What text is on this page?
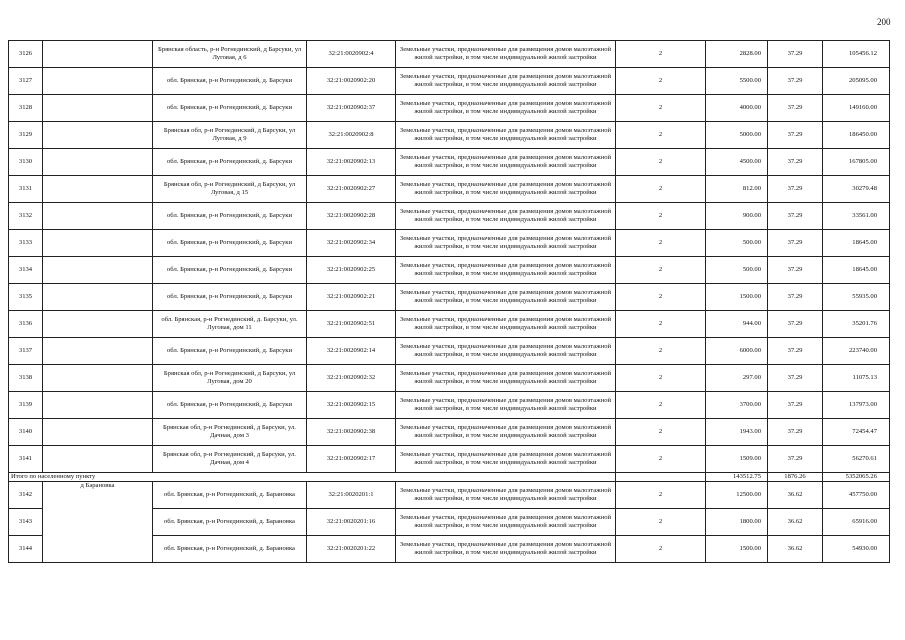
200
3126		Брянская область, р-н Рогнединский, д Барсуки, ул Луговая, д 6	32:21:0020902:4	Земельные участки, предназначенные для размещения домов малоэтажной жилой застройки, в том числе индивидуальной жилой застройки	2	2828.00	37.29	105456.12
3127		обл. Брянская, р-н Рогнединский, д. Барсуки	32:21:0020902:20	Земельные участки, предназначенные для размещения домов малоэтажной жилой застройки, в том числе индивидуальной жилой застройки	2	5500.00	37.29	205095.00
3128		обл. Брянская, р-н Рогнединский, д. Барсуки	32:21:0020902:37	Земельные участки, предназначенные для размещения домов малоэтажной жилой застройки, в том числе индивидуальной жилой застройки	2	4000.00	37.29	149160.00
3129		Брянская обл, р-н Рогнединский, д Барсуки, ул Луговая, д 9	32:21:0020902:8	Земельные участки, предназначенные для размещения домов малоэтажной жилой застройки, в том числе индивидуальной жилой застройки	2	5000.00	37.29	186450.00
3130		обл. Брянская, р-н Рогнединский, д. Барсуки	32:21:0020902:13	Земельные участки, предназначенные для размещения домов малоэтажной жилой застройки, в том числе индивидуальной жилой застройки	2	4500.00	37.29	167805.00
3131		Брянская обл, р-н Рогнединский, д Барсуки, ул Луговая, д 15	32:21:0020902:27	Земельные участки, предназначенные для размещения домов малоэтажной жилой застройки, в том числе индивидуальной жилой застройки	2	812.00	37.29	30279.48
3132		обл. Брянская, р-н Рогнединский, д. Барсуки	32:21:0020902:28	Земельные участки, предназначенные для размещения домов малоэтажной жилой застройки, в том числе индивидуальной жилой застройки	2	900.00	37.29	33561.00
3133		обл. Брянская, р-н Рогнединский, д. Барсуки	32:21:0020902:34	Земельные участки, предназначенные для размещения домов малоэтажной жилой застройки, в том числе индивидуальной жилой застройки	2	500.00	37.29	18645.00
3134		обл. Брянская, р-н Рогнединский, д. Барсуки	32:21:0020902:25	Земельные участки, предназначенные для размещения домов малоэтажной жилой застройки, в том числе индивидуальной жилой застройки	2	500.00	37.29	18645.00
3135		обл. Брянская, р-н Рогнединский, д. Барсуки	32:21:0020902:21	Земельные участки, предназначенные для размещения домов малоэтажной жилой застройки, в том числе индивидуальной жилой застройки	2	1500.00	37.29	55935.00
3136		обл. Брянская, р-н Рогнединский, д. Барсуки, ул. Луговая, дом 11	32:21:0020902:51	Земельные участки, предназначенные для размещения домов малоэтажной жилой застройки, в том числе индивидуальной жилой застройки	2	944.00	37.29	35201.76
3137		обл. Брянская, р-н Рогнединский, д. Барсуки	32:21:0020902:14	Земельные участки, предназначенные для размещения домов малоэтажной жилой застройки, в том числе индивидуальной жилой застройки	2	6000.00	37.29	223740.00
3138		Брянская обл, р-н Рогнединский, д Барсуки, ул Луговая, дом 20	32:21:0020902:32	Земельные участки, предназначенные для размещения домов малоэтажной жилой застройки, в том числе индивидуальной жилой застройки	2	297.00	37.29	11075.13
3139		обл. Брянская, р-н Рогнединский, д. Барсуки	32:21:0020902:15	Земельные участки, предназначенные для размещения домов малоэтажной жилой застройки, в том числе индивидуальной жилой застройки	2	3700.00	37.29	137973.00
3140		Брянская обл, р-н Рогнединский, д Барсуки, ул. Дачная, дом 3	32:21:0020902:38	Земельные участки, предназначенные для размещения домов малоэтажной жилой застройки, в том числе индивидуальной жилой застройки	2	1943.00	37.29	72454.47
3141		Брянская обл, р-н Рогнединский, д Барсуки, ул. Дачная, дом 4	32:21:0020902:17	Земельные участки, предназначенные для размещения домов малоэтажной жилой застройки, в том числе индивидуальной жилой застройки	2	1509.00	37.29	56270.61
Итого по населенному пункту						143512.75	1876.26	5352065.26
3142	д Барановка	обл. Брянская, р-н Рогнединский, д. Барановка	32:21:0020201:1	Земельные участки, предназначенные для размещения домов малоэтажной жилой застройки, в том числе индивидуальной жилой застройки	2	12500.00	36.62	457750.00
3143		обл. Брянская, р-н Рогнединский, д. Барановка	32:21:0020201:16	Земельные участки, предназначенные для размещения домов малоэтажной жилой застройки, в том числе индивидуальной жилой застройки	2	1800.00	36.62	65916.00
3144		обл. Брянская, р-н Рогнединский, д. Барановка	32:21:0020201:22	Земельные участки, предназначенные для размещения домов малоэтажной жилой застройки, в том числе индивидуальной жилой застройки	2	1500.00	36.62	54930.00
